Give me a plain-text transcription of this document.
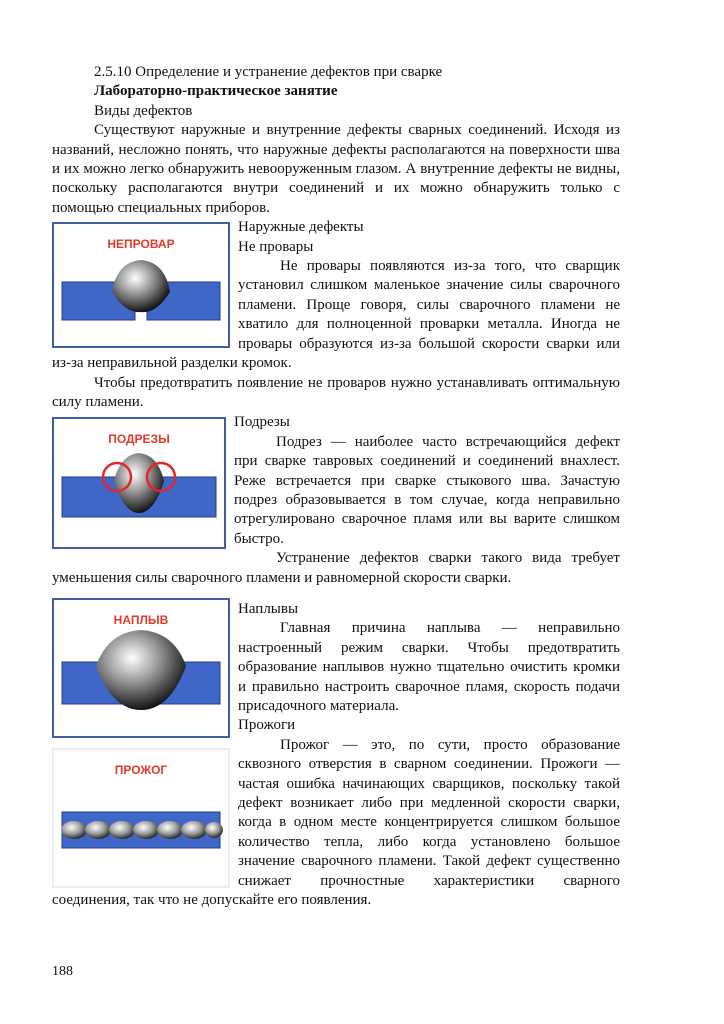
2.5.10 Определение и устранение дефектов при сварке

Лабораторно-практическое занятие

Виды дефектов

Существуют наружные и внутренние дефекты сварных соединений. Исходя из названий, несложно понять, что наружные дефекты располагаются на поверхности шва и их можно легко обнаружить невооруженным глазом. А внутренние дефекты не видны, поскольку располагаются внутри соединений и их можно обнаружить только с помощью специальных приборов.

НЕПРОВАР

Наружные дефекты

Не провары

Не провары появляются из-за того, что сварщик установил слишком маленькое значение силы сварочного пламени. Проще говоря, силы сварочного пламени не хватило для полноценной проварки металла. Иногда не провары образуются из-за большой скорости сварки или из-за неправильной разделки кромок.

Чтобы предотвратить появление не проваров нужно устанавливать оптимальную силу пламени.

ПОДРЕЗЫ

Подрезы

Подрез — наиболее часто встречающийся дефект при сварке тавровых соединений и соединений внахлест. Реже встречается при сварке стыкового шва. Зачастую подрез образовывается в том случае, когда неправильно отрегулировано сварочное пламя или вы варите слишком быстро.

Устранение дефектов сварки такого вида требует уменьшения силы сварочного пламени и равномерной скорости сварки.

НАПЛЫВ
ПРОЖОГ

Наплывы

Главная причина наплыва — неправильно настроенный режим сварки. Чтобы предотвратить образование наплывов нужно тщательно очистить кромки и правильно настроить сварочное пламя, скорость подачи присадочного материала.

Прожоги

Прожог — это, по сути, просто образование сквозного отверстия в сварном соединении. Прожоги — частая ошибка начинающих сварщиков, поскольку такой дефект возникает либо при медленной скорости сварки, когда в одном месте концентрируется слишком большое количество тепла, либо когда установлено большое значение сварочного пламени. Такой дефект существенно снижает прочностные характеристики сварного соединения, так что не допускайте его появления.

188
